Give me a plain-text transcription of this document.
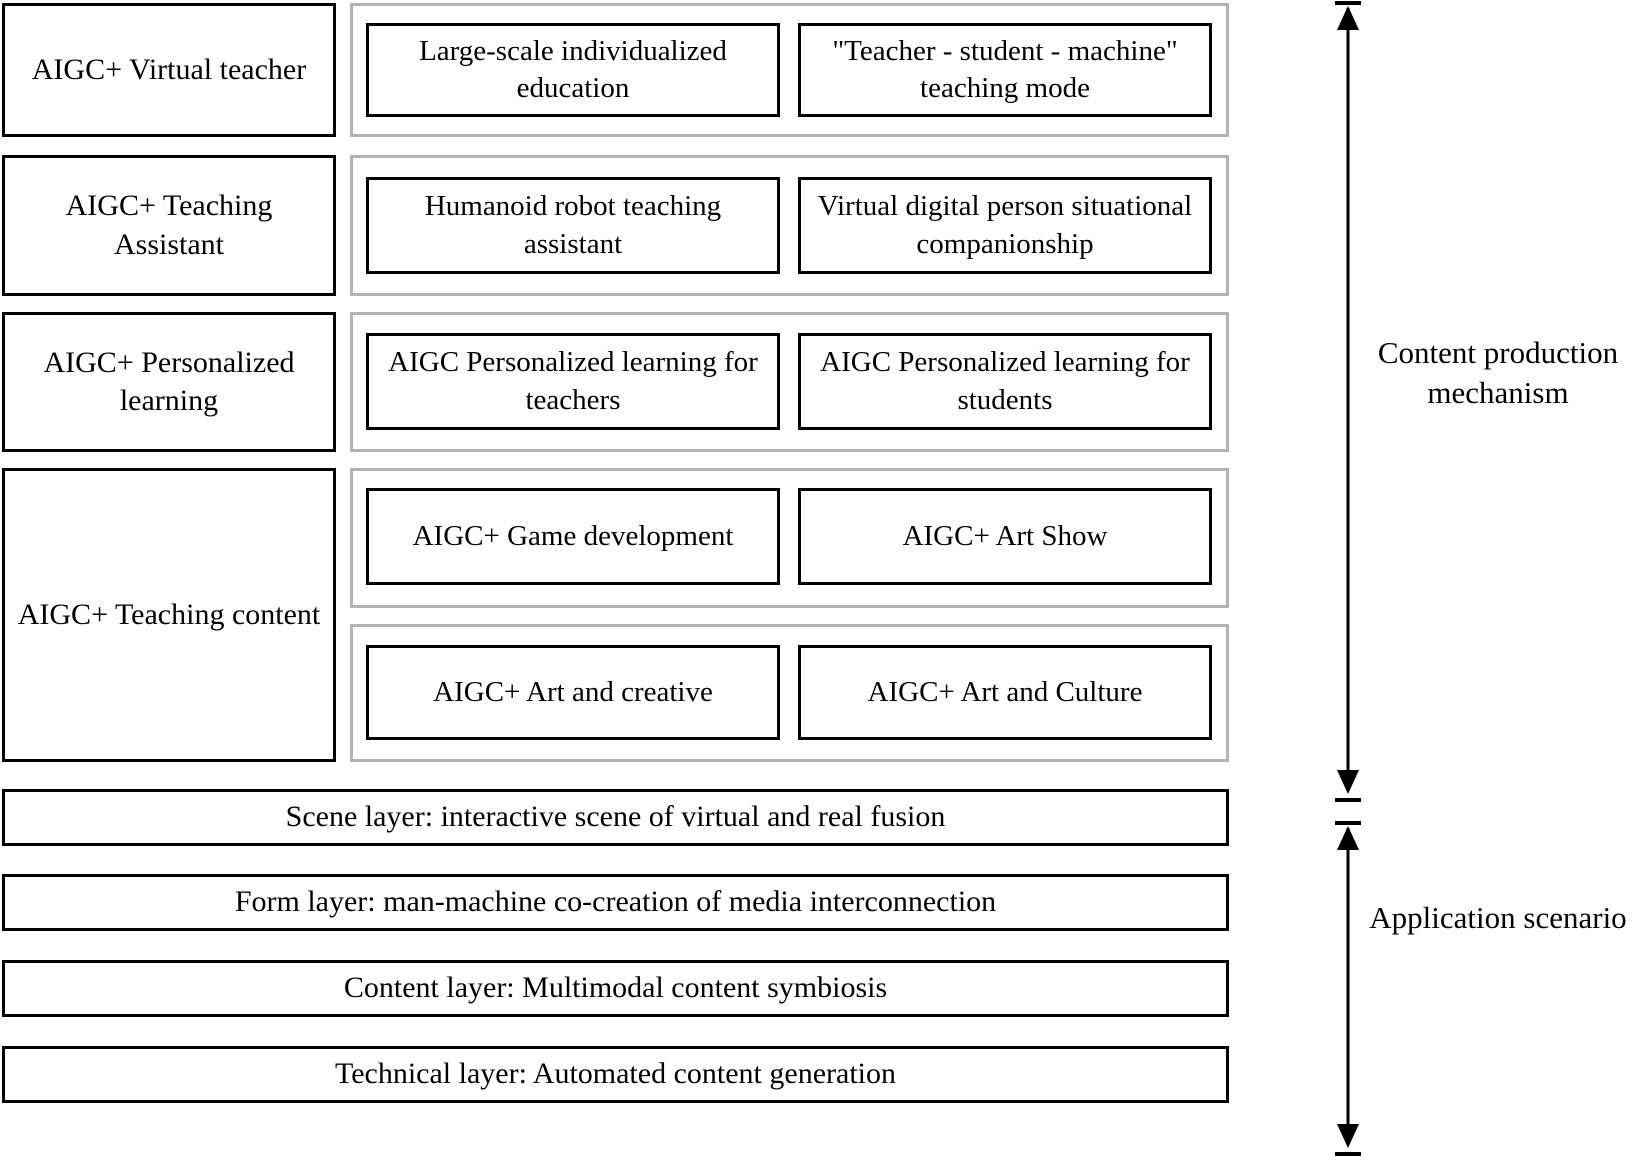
AIGC+ Virtual teacher
Large-scale individualized education
"Teacher - student - machine" teaching mode
AIGC+ Teaching Assistant
Humanoid robot teaching assistant
Virtual digital person situational companionship
AIGC+ Personalized learning
AIGC Personalized learning for teachers
AIGC Personalized learning for students
AIGC+ Teaching content
AIGC+ Game development	AIGC+ Art Show
AIGC+ Art and creative	AIGC+ Art and Culture
Scene layer: interactive scene of virtual and real fusion
Form layer: man-machine co-creation of media interconnection
Content layer: Multimodal content symbiosis
Technical layer: Automated content generation
Content production mechanism
Application scenario
